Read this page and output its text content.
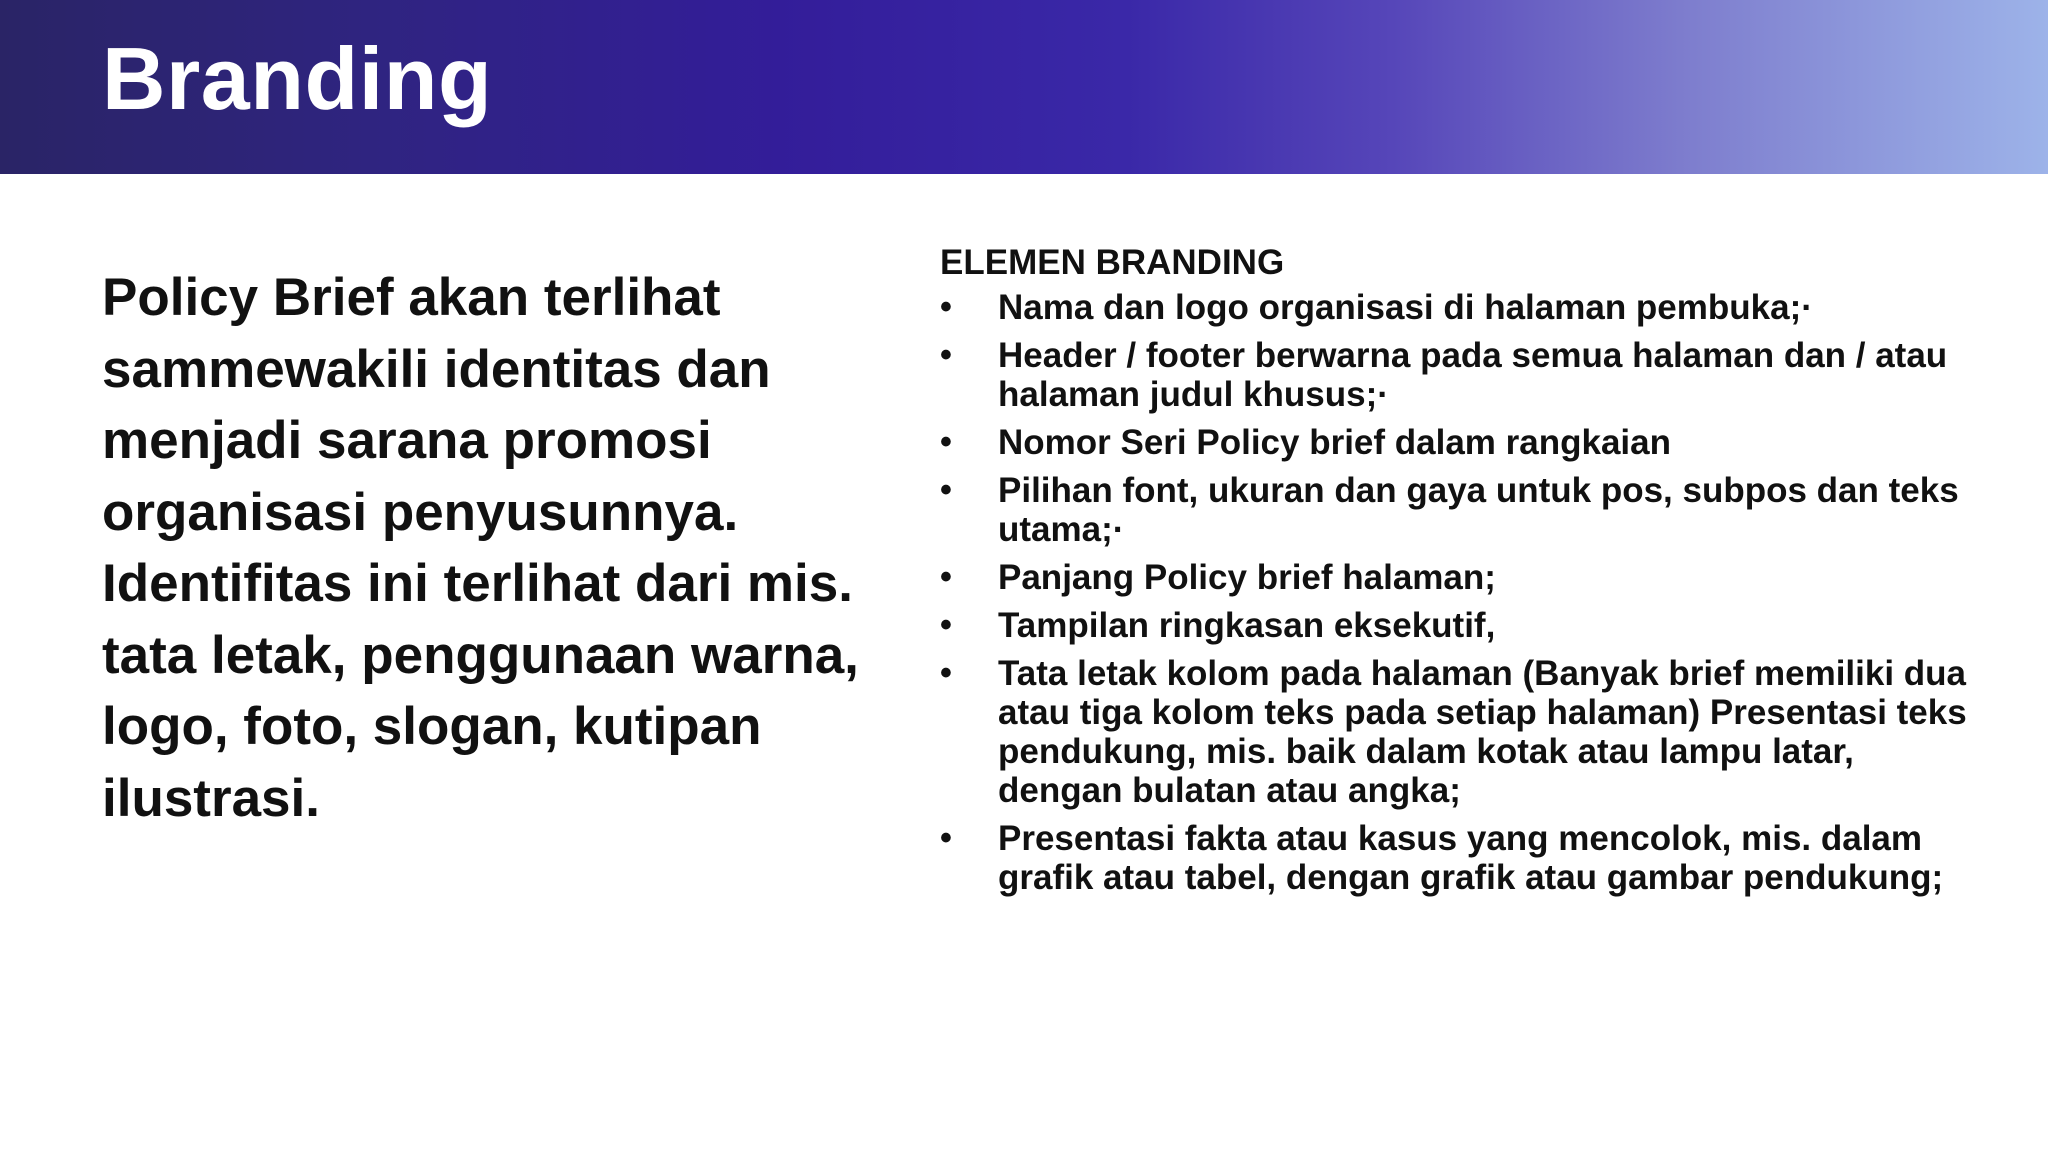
Branding

Policy Brief akan terlihat sammewakili identitas dan menjadi sarana promosi organisasi penyusunnya. Identifitas ini terlihat dari mis. tata letak, penggunaan warna, logo, foto, slogan, kutipan ilustrasi.

ELEMEN BRANDING
• Nama dan logo organisasi di halaman pembuka;·
• Header / footer berwarna pada semua halaman dan / atau halaman judul khusus;·
• Nomor Seri Policy brief dalam rangkaian
• Pilihan font, ukuran dan gaya untuk pos, subpos dan teks utama;·
• Panjang Policy brief halaman;
• Tampilan ringkasan eksekutif,
• Tata letak kolom pada halaman (Banyak brief memiliki dua atau tiga kolom teks pada setiap halaman) Presentasi teks pendukung, mis. baik dalam kotak atau lampu latar, dengan bulatan atau angka;
• Presentasi fakta atau kasus yang mencolok, mis. dalam grafik atau tabel, dengan grafik atau gambar pendukung;
